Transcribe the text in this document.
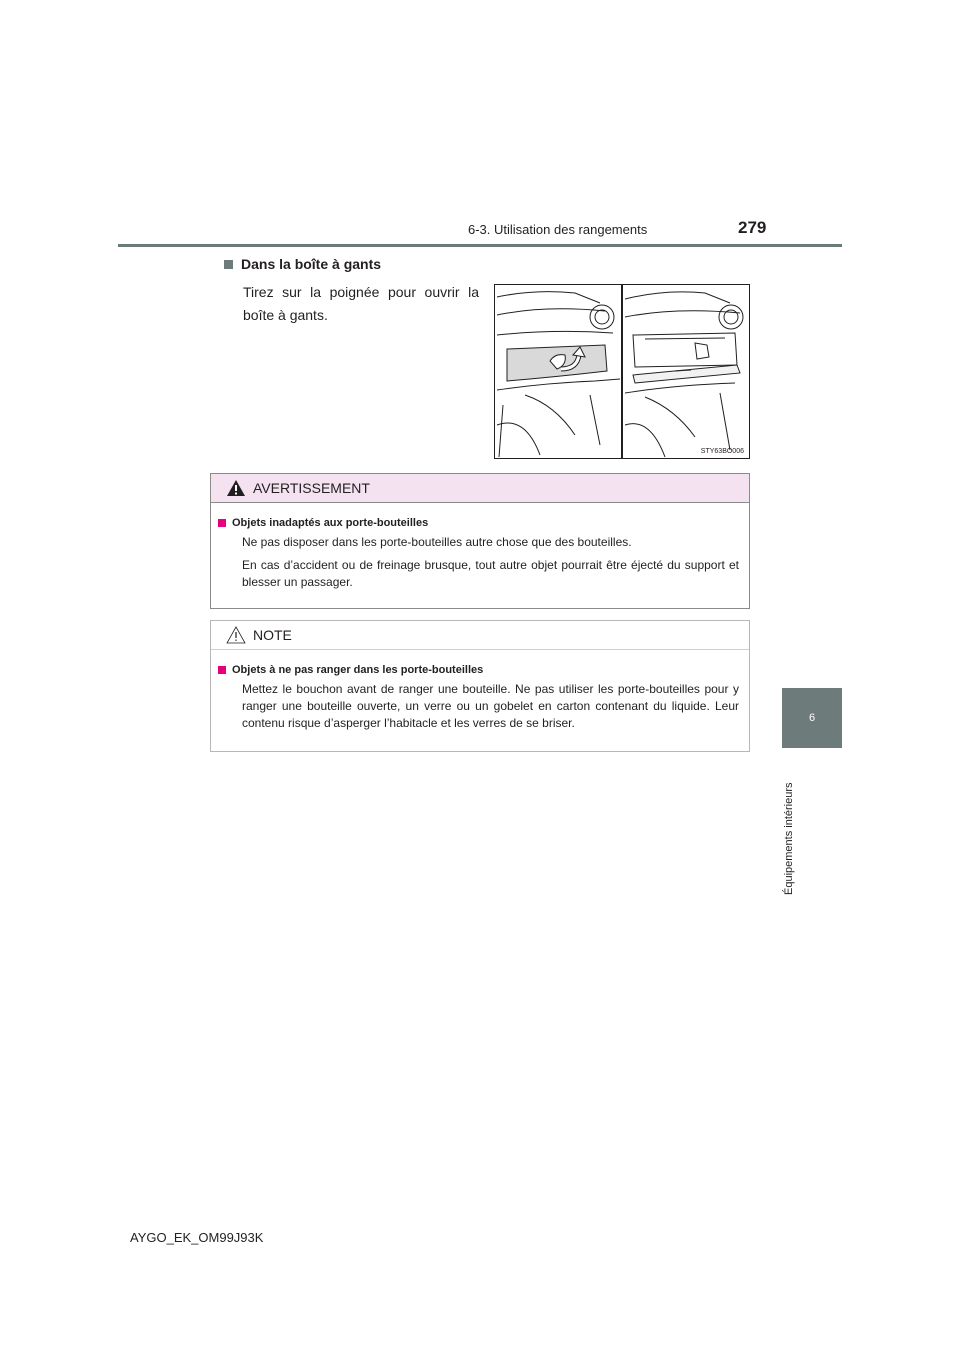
6-3. Utilisation des rangements	279
6
Équipements intérieurs
Dans la boîte à gants
Tirez sur la poignée pour ouvrir la boîte à gants.
STY63BO006
AVERTISSEMENT
Objets inadaptés aux porte-bouteilles
Ne pas disposer dans les porte-bouteilles autre chose que des bouteilles.
En cas d’accident ou de freinage brusque, tout autre objet pourrait être éjecté du support et blesser un passager.
NOTE
Objets à ne pas ranger dans les porte-bouteilles
Mettez le bouchon avant de ranger une bouteille. Ne pas utiliser les porte-bouteilles pour y ranger une bouteille ouverte, un verre ou un gobelet en carton contenant du liquide. Leur contenu risque d’asperger l’habitacle et les verres de se briser.
AYGO_EK_OM99J93K
